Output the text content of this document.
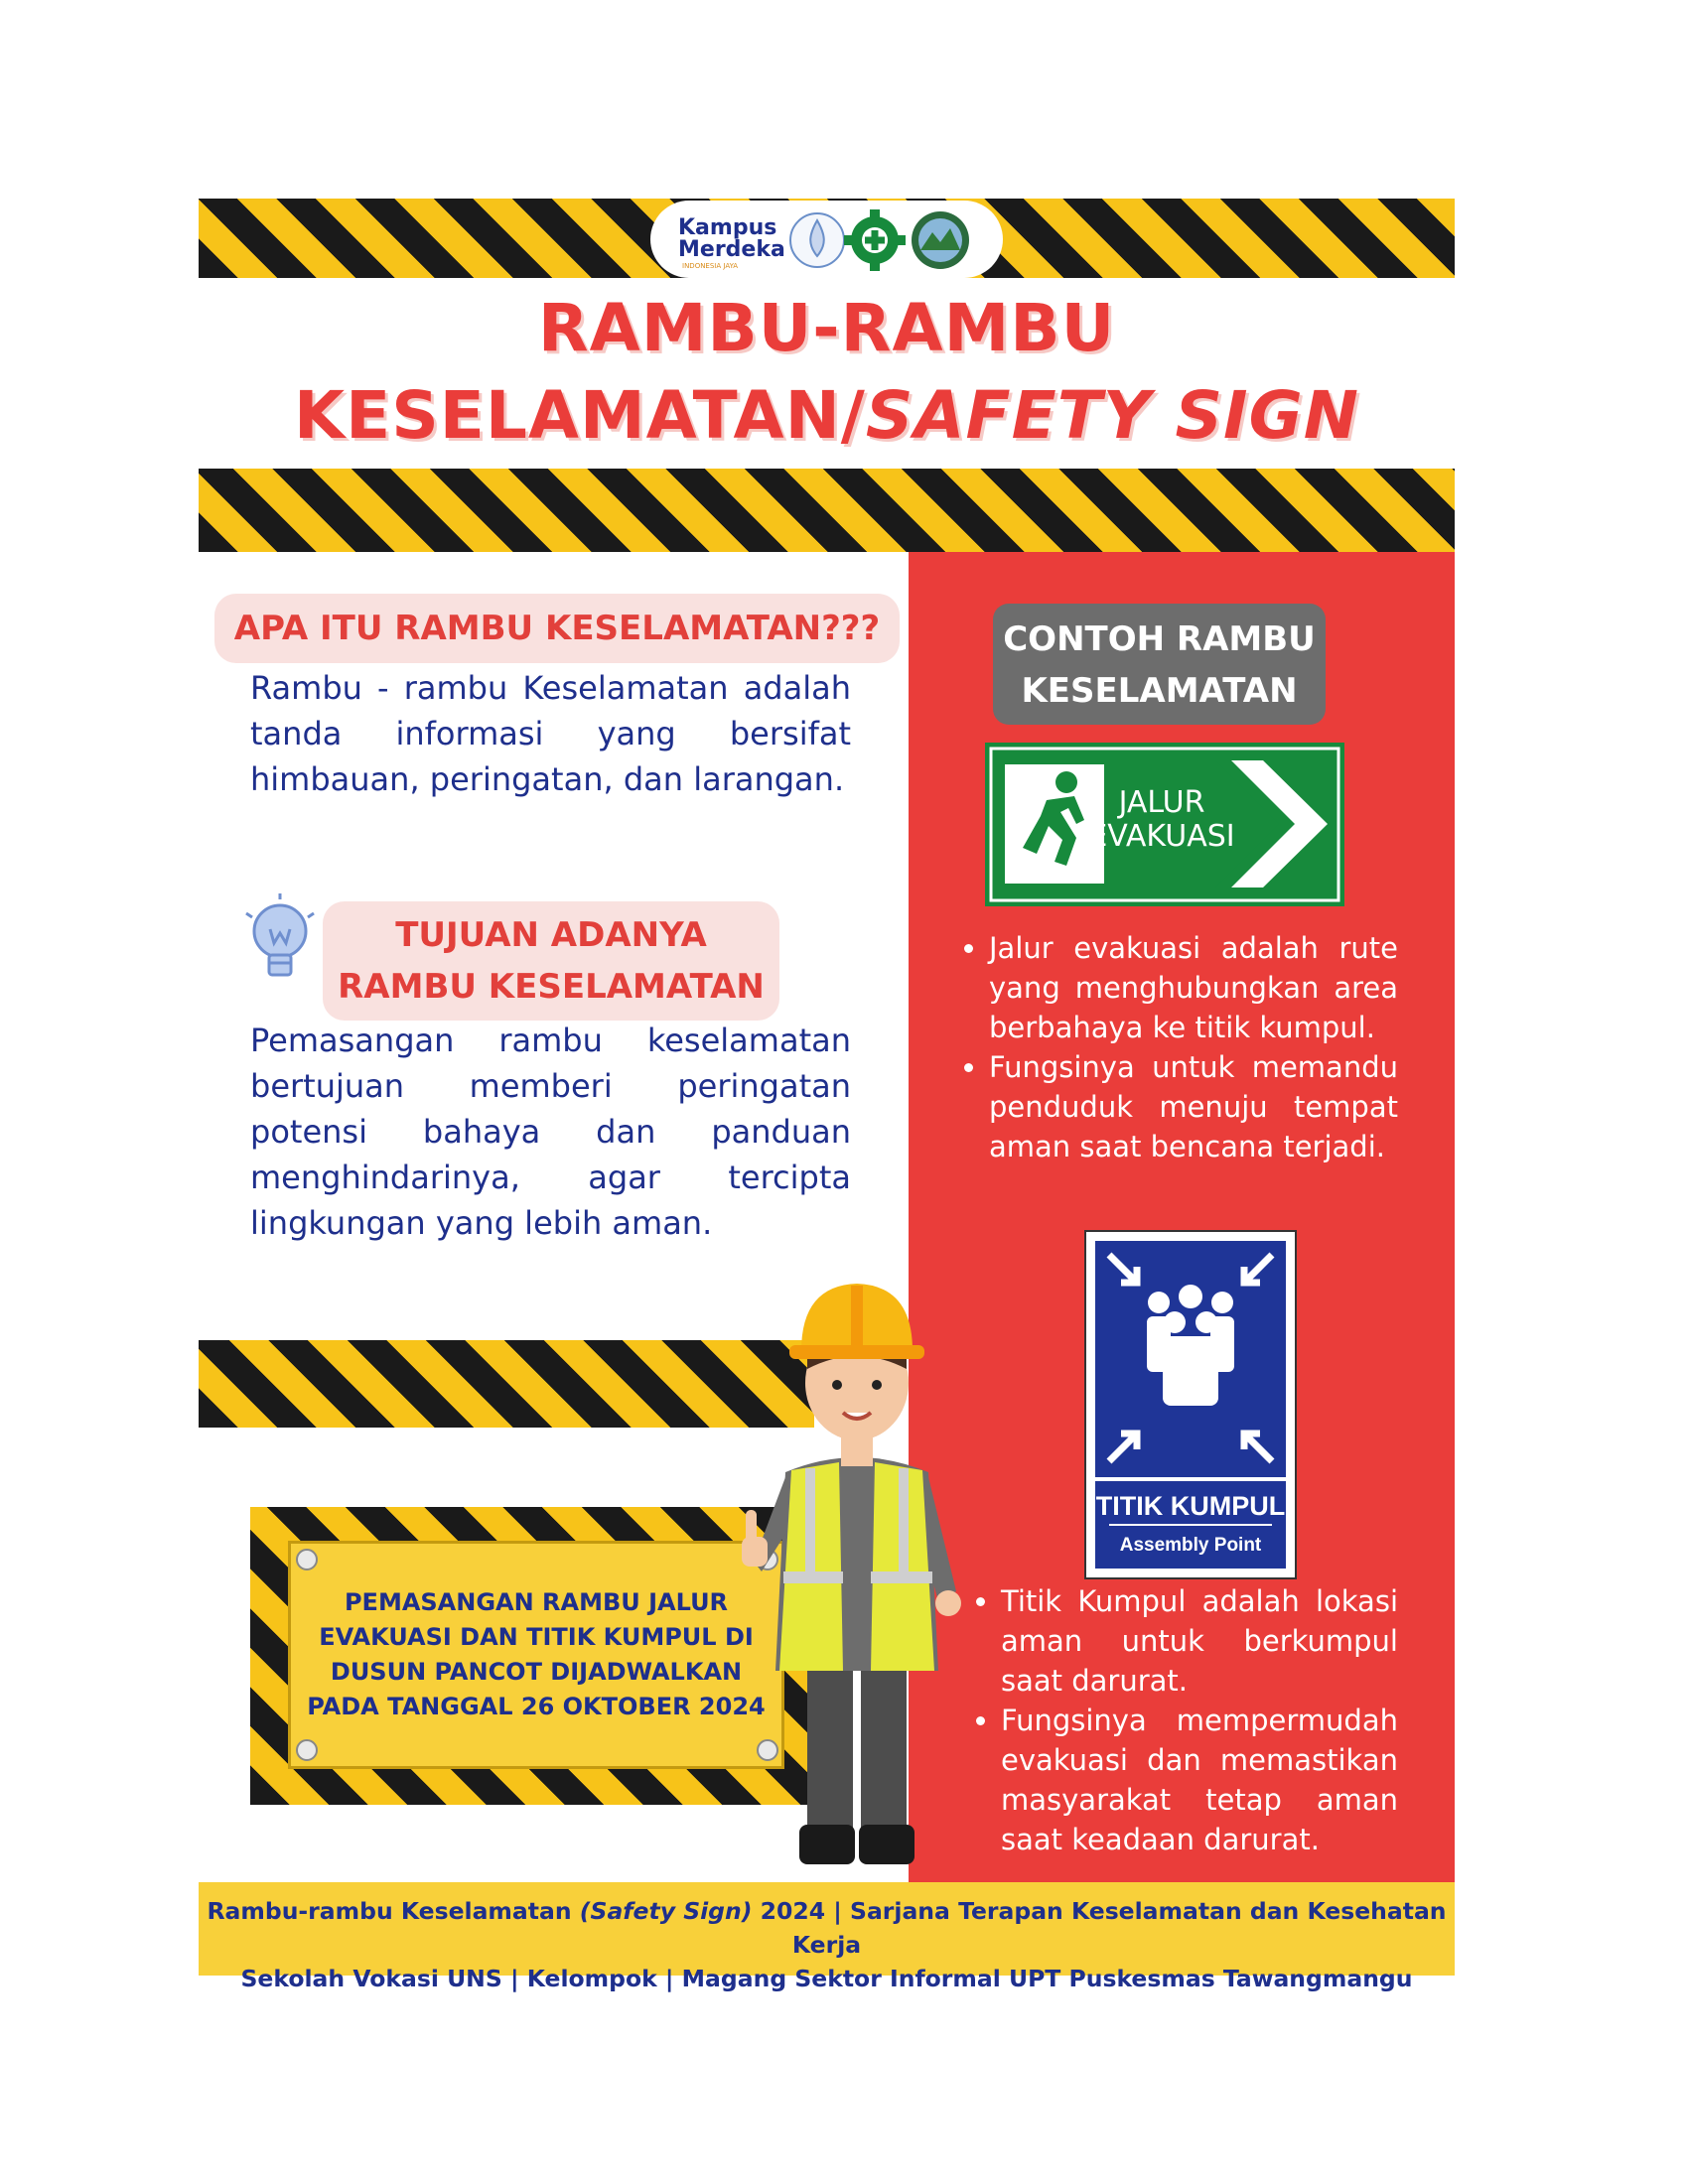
Kampus
Merdeka
INDONESIA JAYA
RAMBU-RAMBU
KESELAMATAN/SAFETY SIGN
APA ITU RAMBU KESELAMATAN???
Rambu - rambu Keselamatan adalah tanda informasi yang bersifat himbauan, peringatan, dan larangan.
TUJUAN ADANYA
RAMBU KESELAMATAN
Pemasangan rambu keselamatan bertujuan memberi peringatan potensi bahaya dan panduan menghindarinya, agar tercipta lingkungan yang lebih aman.
PEMASANGAN RAMBU JALUR EVAKUASI DAN TITIK KUMPUL DI DUSUN PANCOT DIJADWALKAN PADA TANGGAL 26 OKTOBER 2024
CONTOH RAMBU
KESELAMATAN
JALUR
EVAKUASI
• Jalur evakuasi adalah rute yang menghubungkan area berbahaya ke titik kumpul.
• Fungsinya untuk memandu penduduk menuju tempat aman saat bencana terjadi.
TITIK KUMPUL
Assembly Point
• Titik Kumpul adalah lokasi aman untuk berkumpul saat darurat.
• Fungsinya mempermudah evakuasi dan memastikan masyarakat tetap aman saat keadaan darurat.
Rambu-rambu Keselamatan (Safety Sign) 2024 | Sarjana Terapan Keselamatan dan Kesehatan Kerja
Sekolah Vokasi UNS | Kelompok | Magang Sektor Informal UPT Puskesmas Tawangmangu
